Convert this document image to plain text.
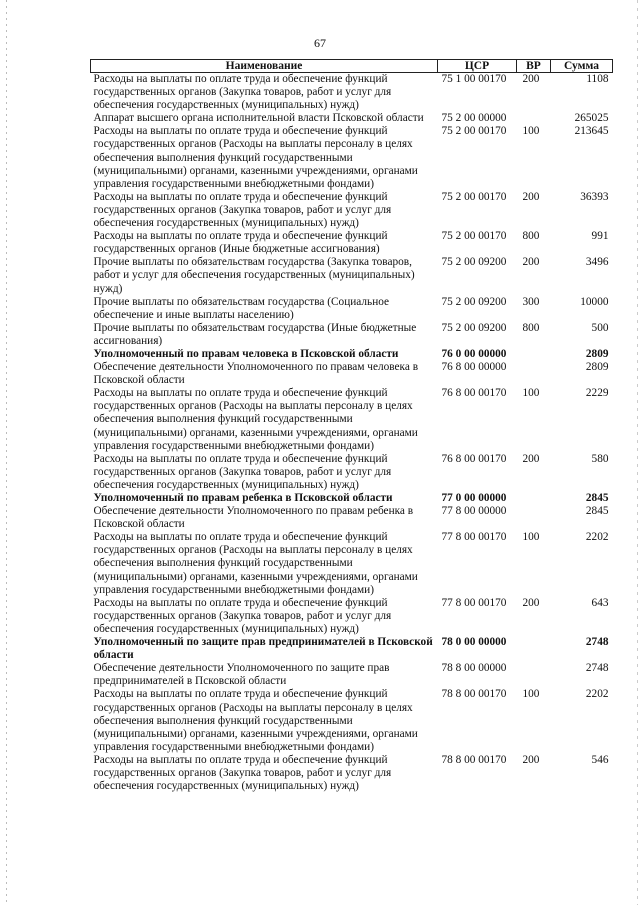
67
Наименование	ЦСР	ВР	Сумма
Расходы на выплаты по оплате труда и обеспечение функций государственных органов (Закупка товаров, работ и услуг для обеспечения государственных (муниципальных) нужд)	75 1 00 00170	200	1108
Аппарат высшего органа исполнительной власти Псковской области	75 2 00 00000		265025
Расходы на выплаты по оплате труда и обеспечение функций государственных органов (Расходы на выплаты персоналу в целях обеспечения выполнения функций государственными (муниципальными) органами, казенными учреждениями, органами управления государственными внебюджетными фондами)	75 2 00 00170	100	213645
Расходы на выплаты по оплате труда и обеспечение функций государственных органов (Закупка товаров, работ и услуг для обеспечения государственных (муниципальных) нужд)	75 2 00 00170	200	36393
Расходы на выплаты по оплате труда и обеспечение функций государственных органов (Иные бюджетные ассигнования)	75 2 00 00170	800	991
Прочие выплаты по обязательствам государства (Закупка товаров, работ и услуг для обеспечения государственных (муниципальных) нужд)	75 2 00 09200	200	3496
Прочие выплаты по обязательствам государства (Социальное обеспечение и иные выплаты населению)	75 2 00 09200	300	10000
Прочие выплаты по обязательствам государства (Иные бюджетные ассигнования)	75 2 00 09200	800	500
Уполномоченный по правам человека в Псковской области	76 0 00 00000		2809
Обеспечение деятельности Уполномоченного по правам человека в Псковской области	76 8 00 00000		2809
Расходы на выплаты по оплате труда и обеспечение функций государственных органов (Расходы на выплаты персоналу в целях обеспечения выполнения функций государственными (муниципальными) органами, казенными учреждениями, органами управления государственными внебюджетными фондами)	76 8 00 00170	100	2229
Расходы на выплаты по оплате труда и обеспечение функций государственных органов (Закупка товаров, работ и услуг для обеспечения государственных (муниципальных) нужд)	76 8 00 00170	200	580
Уполномоченный по правам ребенка в Псковской области	77 0 00 00000		2845
Обеспечение деятельности Уполномоченного по правам ребенка в Псковской области	77 8 00 00000		2845
Расходы на выплаты по оплате труда и обеспечение функций государственных органов (Расходы на выплаты персоналу в целях обеспечения выполнения функций государственными (муниципальными) органами, казенными учреждениями, органами управления государственными внебюджетными фондами)	77 8 00 00170	100	2202
Расходы на выплаты по оплате труда и обеспечение функций государственных органов (Закупка товаров, работ и услуг для обеспечения государственных (муниципальных) нужд)	77 8 00 00170	200	643
Уполномоченный по защите прав предпринимателей в Псковской области	78 0 00 00000		2748
Обеспечение деятельности Уполномоченного по защите прав предпринимателей в Псковской области	78 8 00 00000		2748
Расходы на выплаты по оплате труда и обеспечение функций государственных органов (Расходы на выплаты персоналу в целях обеспечения выполнения функций государственными (муниципальными) органами, казенными учреждениями, органами управления государственными внебюджетными фондами)	78 8 00 00170	100	2202
Расходы на выплаты по оплате труда и обеспечение функций государственных органов (Закупка товаров, работ и услуг для обеспечения государственных (муниципальных) нужд)	78 8 00 00170	200	546
